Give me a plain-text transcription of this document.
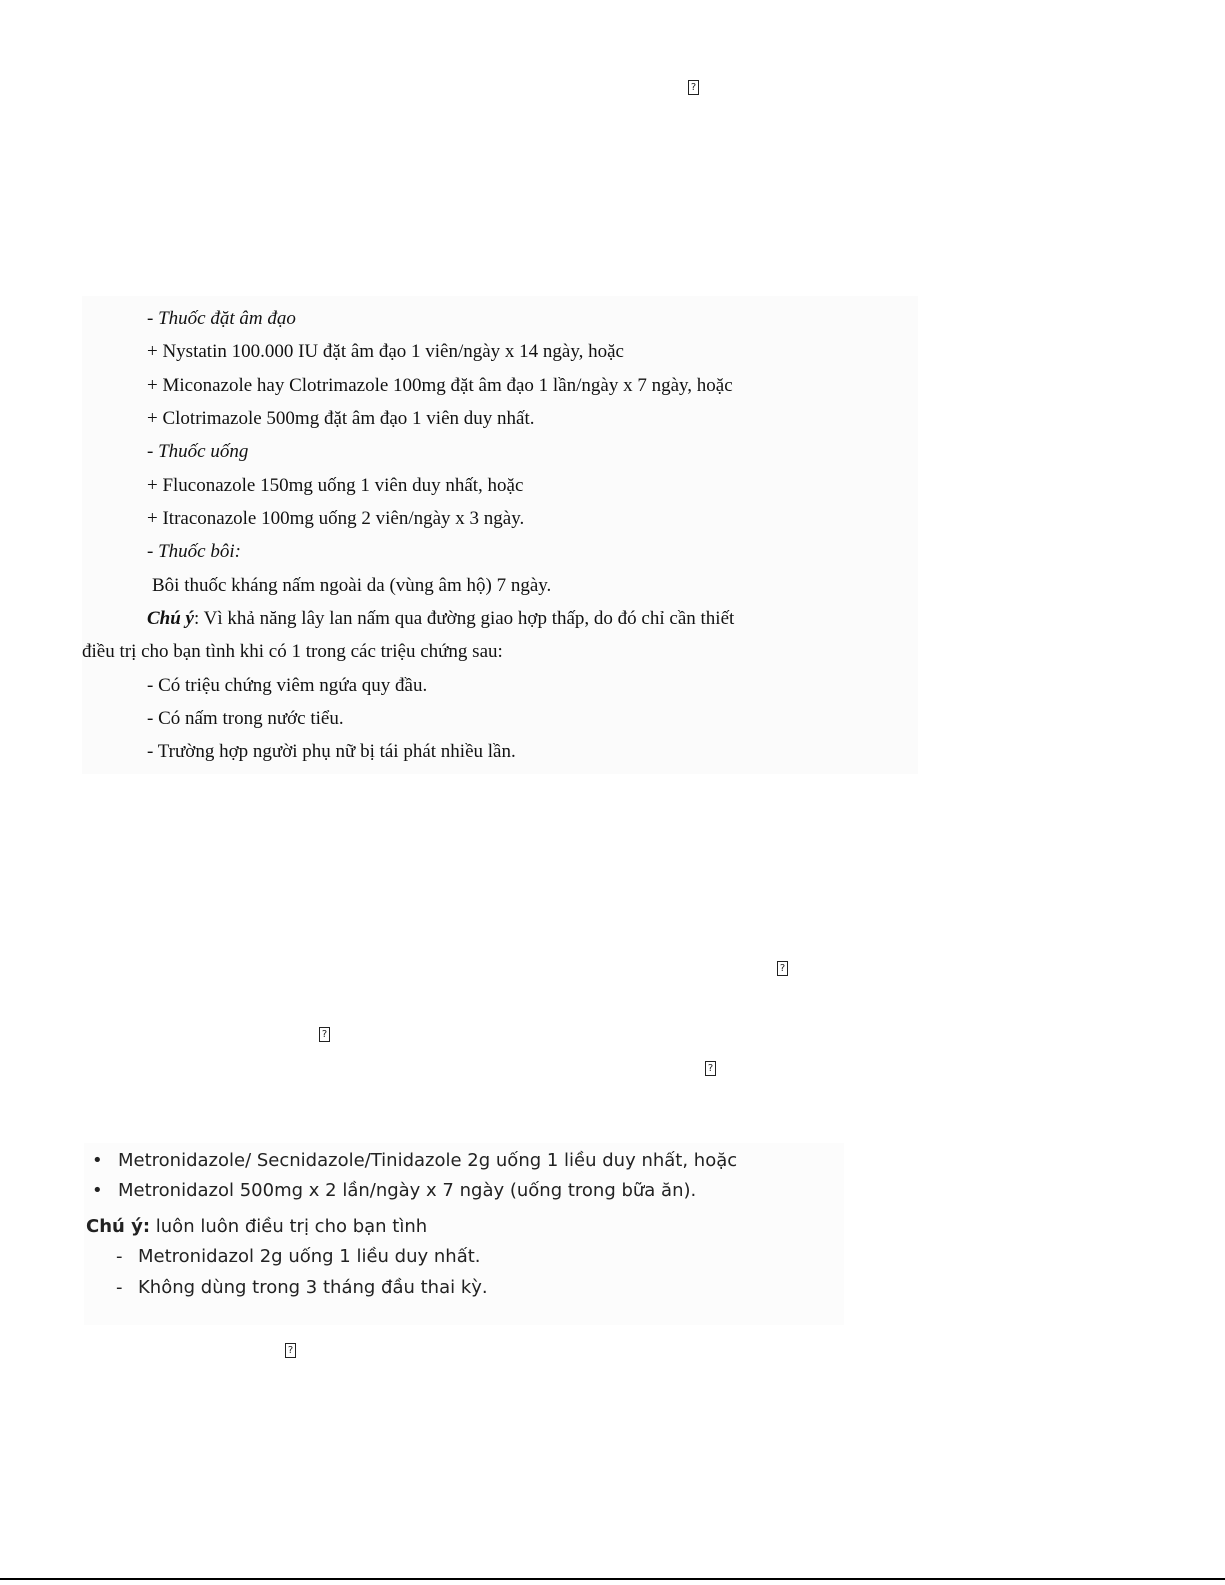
?
- Thuốc đặt âm đạo
+ Nystatin 100.000 IU đặt âm đạo 1 viên/ngày x 14 ngày, hoặc
+ Miconazole hay Clotrimazole 100mg đặt âm đạo 1 lần/ngày x 7 ngày, hoặc
+ Clotrimazole 500mg đặt âm đạo 1 viên duy nhất.
- Thuốc uống
+ Fluconazole 150mg uống 1 viên duy nhất, hoặc
+ Itraconazole 100mg uống 2 viên/ngày x 3 ngày.
- Thuốc bôi:
Bôi thuốc kháng nấm ngoài da (vùng âm hộ) 7 ngày.
Chú ý: Vì khả năng lây lan nấm qua đường giao hợp thấp, do đó chỉ cần thiết
điều trị cho bạn tình khi có 1 trong các triệu chứng sau:
- Có triệu chứng viêm ngứa quy đầu.
- Có nấm trong nước tiểu.
- Trường hợp người phụ nữ bị tái phát nhiều lần.
?
?
?
• Metronidazole/ Secnidazole/Tinidazole 2g uống 1 liều duy nhất, hoặc
• Metronidazol 500mg x 2 lần/ngày x 7 ngày (uống trong bữa ăn).
Chú ý: luôn luôn điều trị cho bạn tình
- Metronidazol 2g uống 1 liều duy nhất.
- Không dùng trong 3 tháng đầu thai kỳ.
?
